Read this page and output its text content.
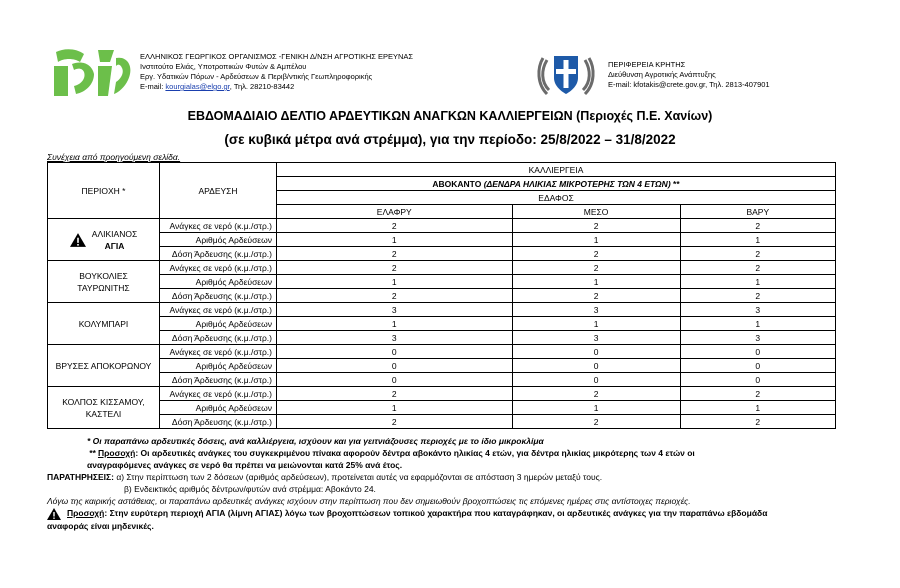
ΕΛΛΗΝΙΚΟΣ ΓΕΩΡΓΙΚΟΣ ΟΡΓΑΝΙΣΜΟΣ -ΓΕΝΙΚΗ Δ/ΝΣΗ ΑΓΡΟΤΙΚΗΣ ΕΡΕΥΝΑΣ
Ινστιτούτο Ελιάς, Υποτροπικών Φυτών & Αμπέλου
Εργ. Υδατικών Πόρων - Αρδεύσεων & Περιβ/ντικής Γεωπληροφορικής
E-mail: kourgialas@elgo.gr, Τηλ. 28210-83442
ΠΕΡΙΦΕΡΕΙΑ ΚΡΗΤΗΣ
Διεύθυνση Αγροτικής Ανάπτυξης
E-mail: kfotakis@crete.gov.gr, Τηλ. 2813-407901
ΕΒΔΟΜΑΔΙΑΙΟ ΔΕΛΤΙΟ ΑΡΔΕΥΤΙΚΩΝ ΑΝΑΓΚΩΝ ΚΑΛΛΙΕΡΓΕΙΩΝ (Περιοχές Π.Ε. Χανίων)
(σε κυβικά μέτρα ανά στρέμμα), για την περίοδο: 25/8/2022 – 31/8/2022
Συνέχεια από προηγούμενη σελίδα.
ΠΕΡΙΟΧΗ *	ΑΡΔΕΥΣΗ	ΚΑΛΛΙΕΡΓΕΙΑ		
		ΑΒΟΚΑΝΤΟ (ΔΕΝΔΡΑ ΗΛΙΚΙΑΣ ΜΙΚΡΟΤΕΡΗΣ ΤΩΝ 4 ΕΤΩΝ) **		
		ΕΔΑΦΟΣ		
		ΕΛΑΦΡΥ	ΜΕΣΟ	ΒΑΡΥ

ΑΛΙΚΙΑΝΟΣ
ΑΓΙΑ	Ανάγκες σε νερό (κ.μ./στρ.)	2	2	2
	Αριθμός Αρδεύσεων	1	1	1
	Δόση Άρδευσης (κ.μ./στρ.)	2	2	2

ΒΟΥΚΟΛΙΕΣ
ΤΑΥΡΩΝΙΤΗΣ	Ανάγκες σε νερό (κ.μ./στρ.)	2	2	2
	Αριθμός Αρδεύσεων	1	1	1
	Δόση Άρδευσης (κ.μ./στρ.)	2	2	2

ΚΟΛΥΜΠΑΡΙ	Ανάγκες σε νερό (κ.μ./στρ.)	3	3	3
	Αριθμός Αρδεύσεων	1	1	1
	Δόση Άρδευσης (κ.μ./στρ.)	3	3	3

ΒΡΥΣΕΣ ΑΠΟΚΟΡΩΝΟΥ	Ανάγκες σε νερό (κ.μ./στρ.)	0	0	0
	Αριθμός Αρδεύσεων	0	0	0
	Δόση Άρδευσης (κ.μ./στρ.)	0	0	0

ΚΟΛΠΟΣ ΚΙΣΣΑΜΟΥ,
ΚΑΣΤΕΛΙ	Ανάγκες σε νερό (κ.μ./στρ.)	2	2	2
	Αριθμός Αρδεύσεων	1	1	1
	Δόση Άρδευσης (κ.μ./στρ.)	2	2	2

* Οι παραπάνω αρδευτικές δόσεις, ανά καλλιέργεια, ισχύουν και για γειτνιάζουσες περιοχές με το ίδιο μικροκλίμα

** Προσοχή: Οι αρδευτικές ανάγκες του συγκεκριμένου πίνακα αφορούν δέντρα αβοκάντο ηλικίας 4 ετών, για δέντρα ηλικίας μικρότερης των 4 ετών οι

αναγραφόμενες ανάγκες σε νερό θα πρέπει να μειώνονται κατά 25% ανά έτος.

ΠΑΡΑΤΗΡΗΣΕΙΣ: α) Στην περίπτωση των 2 δόσεων (αριθμός αρδεύσεων), προτείνεται αυτές να εφαρμόζονται σε απόσταση 3 ημερών μεταξύ τους.

β) Ενδεικτικός αριθμός δέντρων/φυτών ανά στρέμμα: Αβοκάντο 24.

Λόγω της καιρικής αστάθειας, οι παραπάνω αρδευτικές ανάγκες ισχύουν στην περίπτωση που δεν σημειωθούν βροχοπτώσεις τις επόμενες ημέρες στις αντίστοιχες περιοχές.

Προσοχή: Στην ευρύτερη περιοχή ΑΓΙΑ (λίμνη ΑΓΙΑΣ) λόγω των βροχοπτώσεων τοπικού χαρακτήρα που καταγράφηκαν, οι αρδευτικές ανάγκες για την παραπάνω εβδομάδα

αναφοράς είναι μηδενικές.
